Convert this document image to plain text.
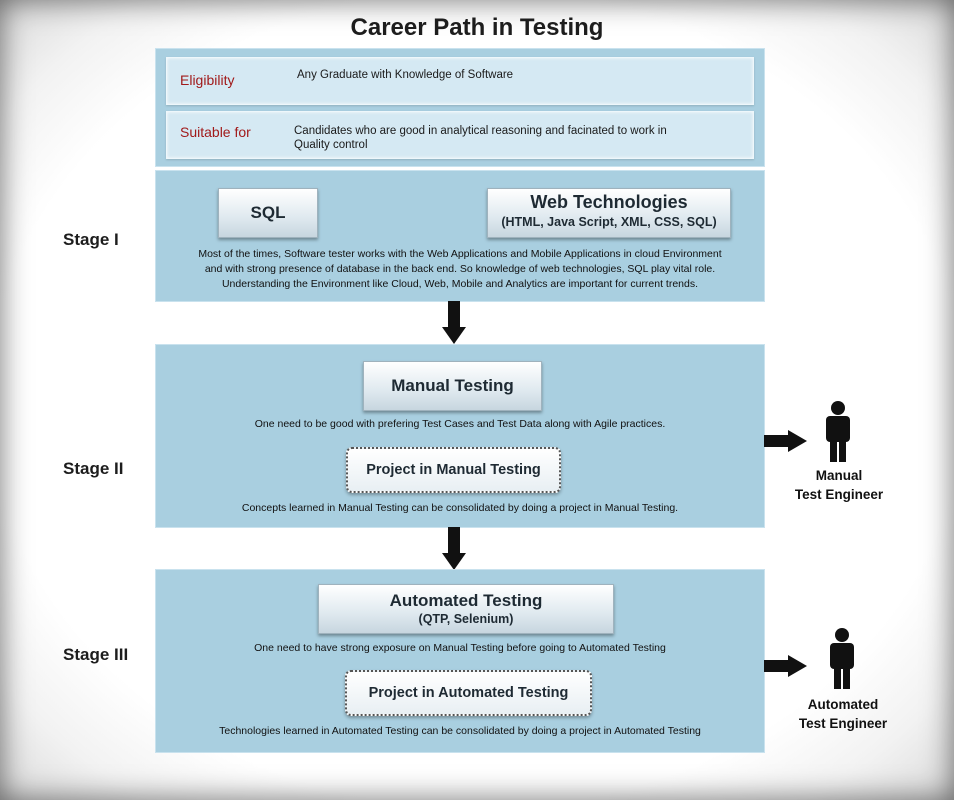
Career Path in Testing
Eligibility	Any Graduate with Knowledge of Software
Suitable for	Candidates who are good in analytical reasoning and facinated to work in
Quality control
Stage I
SQL
Web Technologies
(HTML, Java Script, XML, CSS, SQL)
Most of the times, Software tester works with the Web Applications and Mobile Applications in cloud Environment
and with strong presence of database in the back end. So knowledge of web technologies, SQL play vital role.
Understanding the Environment like Cloud, Web, Mobile and Analytics are important for current trends.
Stage II
Manual Testing
One need to be good with prefering Test Cases and Test Data along with Agile practices.
Project in Manual Testing
Concepts learned in Manual Testing can be consolidated by doing a project in Manual Testing.
Manual
Test Engineer
Stage III
Automated Testing
(QTP, Selenium)
One need to have strong exposure on Manual Testing before going to Automated Testing
Project in Automated Testing
Technologies learned in Automated Testing can be consolidated by doing a project in Automated Testing
Automated
Test Engineer
